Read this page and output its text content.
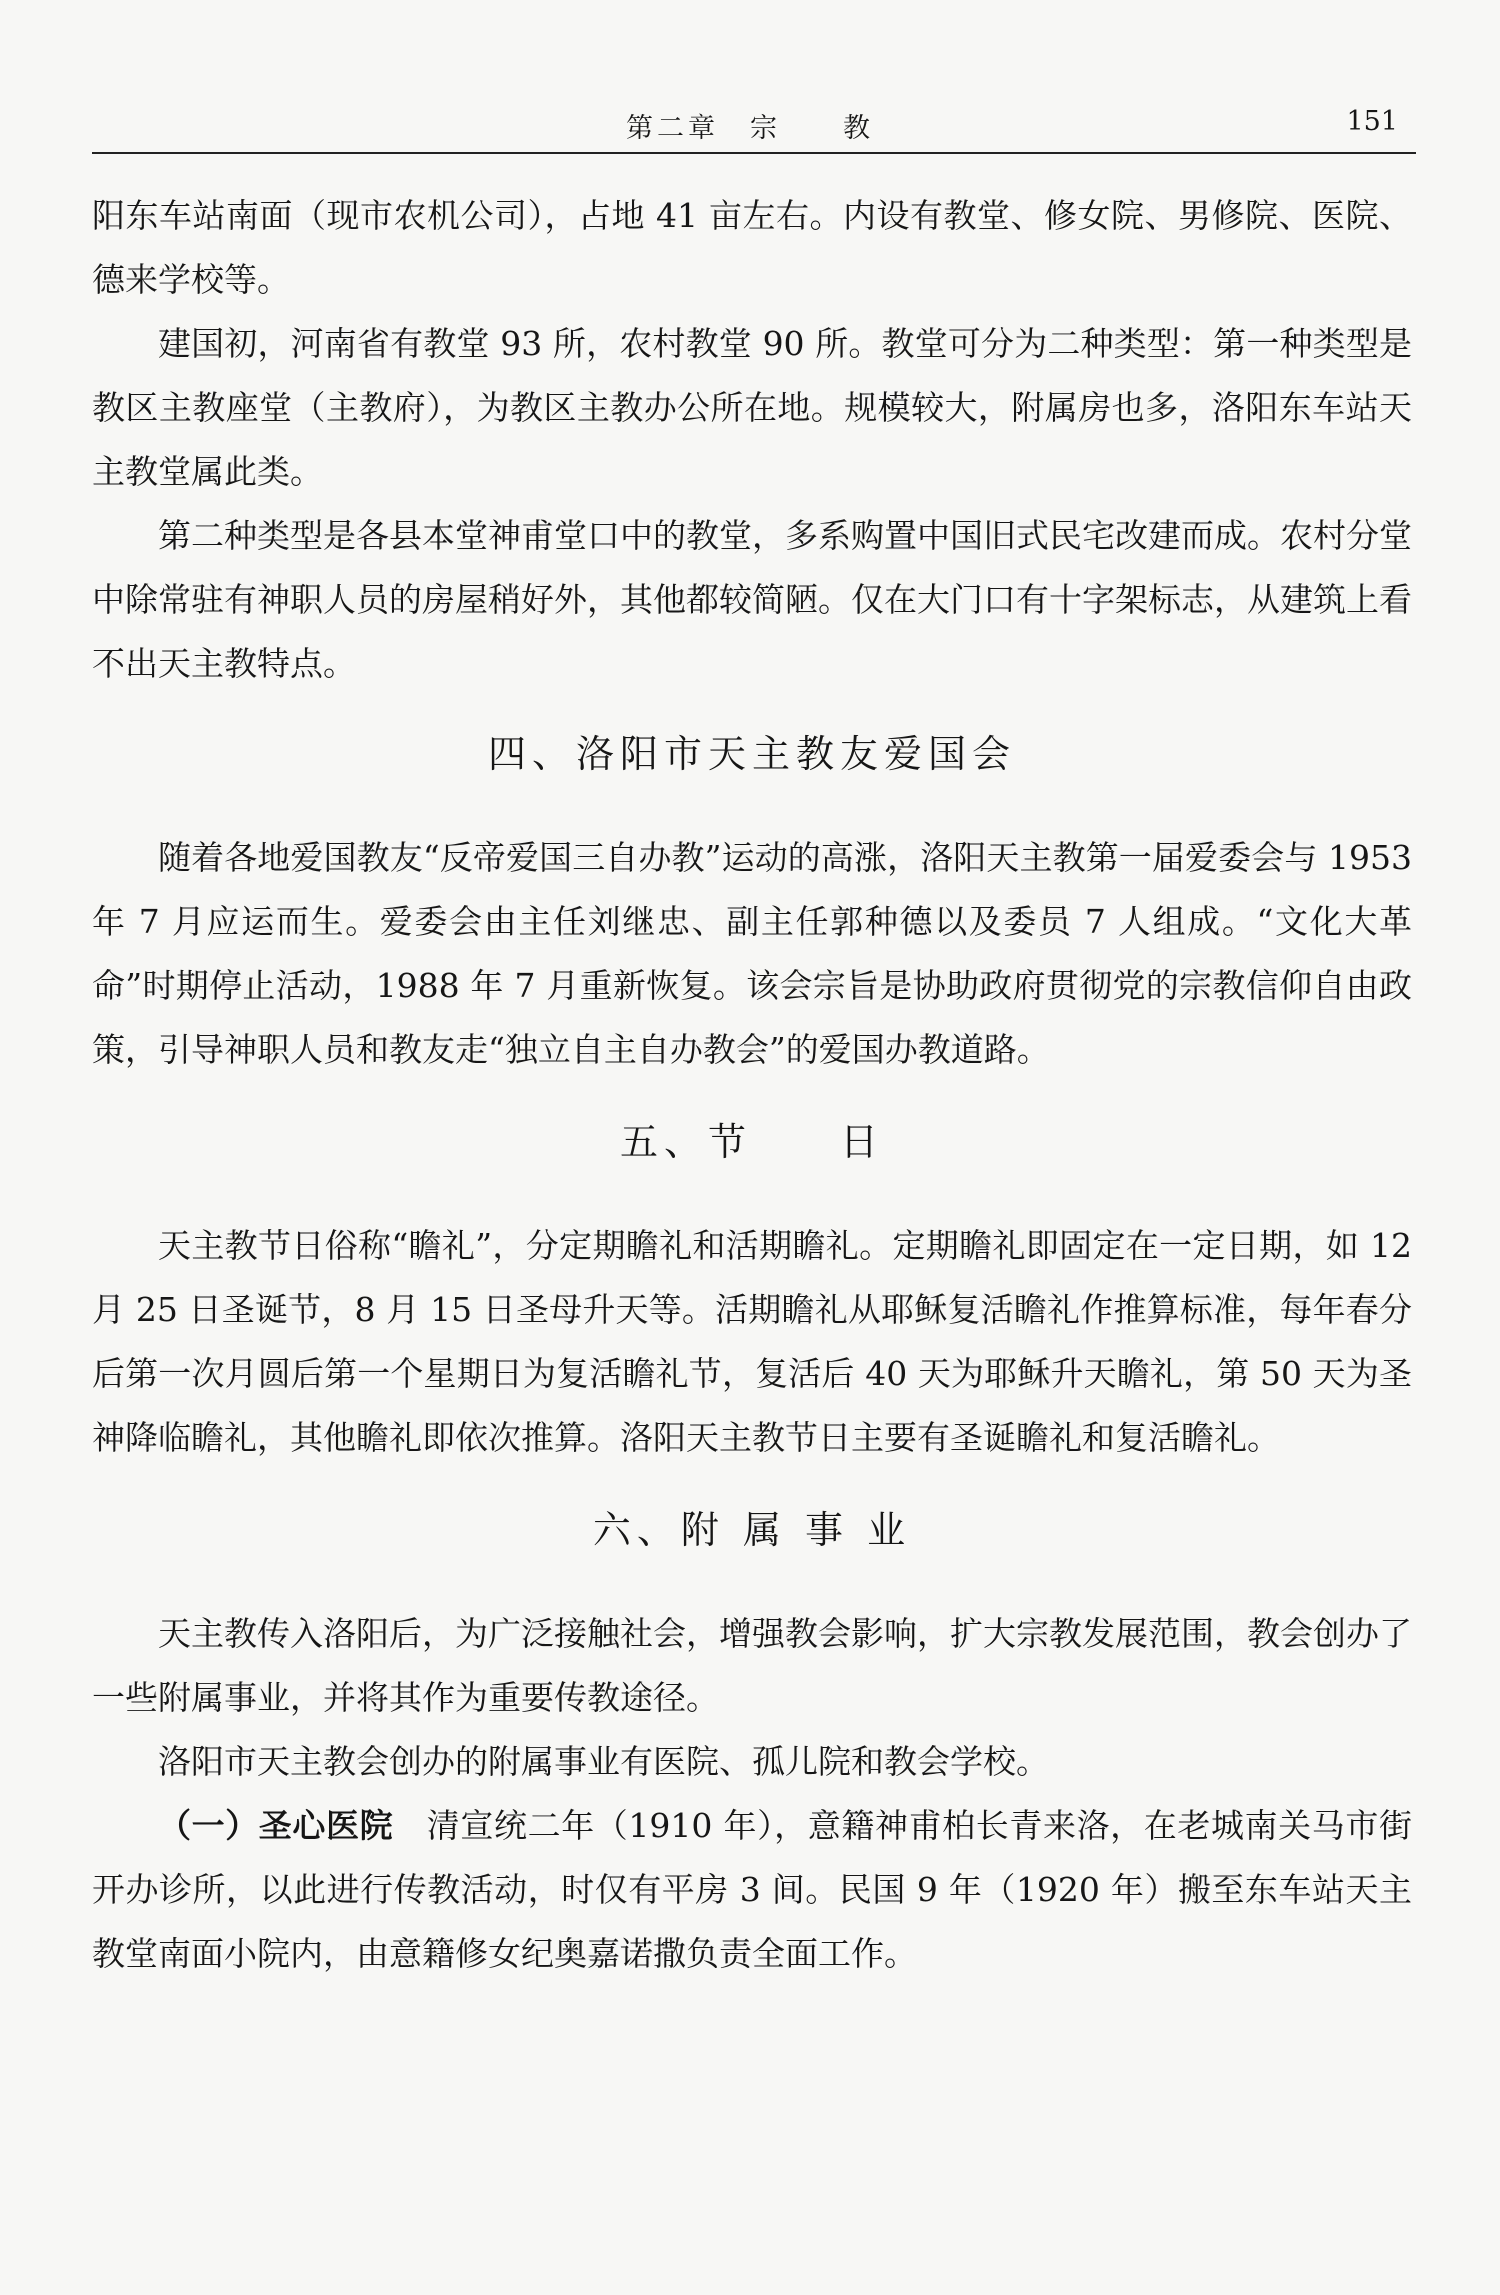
第二章　宗　　教	151

阳东车站南面（现市农机公司），占地 41 亩左右。内设有教堂、修女院、男修院、医院、德来学校等。

建国初，河南省有教堂 93 所，农村教堂 90 所。教堂可分为二种类型：第一种类型是教区主教座堂（主教府），为教区主教办公所在地。规模较大，附属房也多，洛阳东车站天主教堂属此类。

第二种类型是各县本堂神甫堂口中的教堂，多系购置中国旧式民宅改建而成。农村分堂中除常驻有神职人员的房屋稍好外，其他都较简陋。仅在大门口有十字架标志，从建筑上看不出天主教特点。

四、洛阳市天主教友爱国会

随着各地爱国教友“反帝爱国三自办教”运动的高涨，洛阳天主教第一届爱委会与 1953 年 7 月应运而生。爱委会由主任刘继忠、副主任郭种德以及委员 7 人组成。“文化大革命”时期停止活动，1988 年 7 月重新恢复。该会宗旨是协助政府贯彻党的宗教信仰自由政策，引导神职人员和教友走“独立自主自办教会”的爱国办教道路。

五、节　　日

天主教节日俗称“瞻礼”，分定期瞻礼和活期瞻礼。定期瞻礼即固定在一定日期，如 12 月 25 日圣诞节，8 月 15 日圣母升天等。活期瞻礼从耶稣复活瞻礼作推算标准，每年春分后第一次月圆后第一个星期日为复活瞻礼节，复活后 40 天为耶稣升天瞻礼，第 50 天为圣神降临瞻礼，其他瞻礼即依次推算。洛阳天主教节日主要有圣诞瞻礼和复活瞻礼。

六、附 属 事 业

天主教传入洛阳后，为广泛接触社会，增强教会影响，扩大宗教发展范围，教会创办了一些附属事业，并将其作为重要传教途径。

洛阳市天主教会创办的附属事业有医院、孤儿院和教会学校。

（一）圣心医院　清宣统二年（1910 年），意籍神甫柏长青来洛，在老城南关马市街开办诊所，以此进行传教活动，时仅有平房 3 间。民国 9 年（1920 年）搬至东车站天主教堂南面小院内，由意籍修女纪奥嘉诺撒负责全面工作。
